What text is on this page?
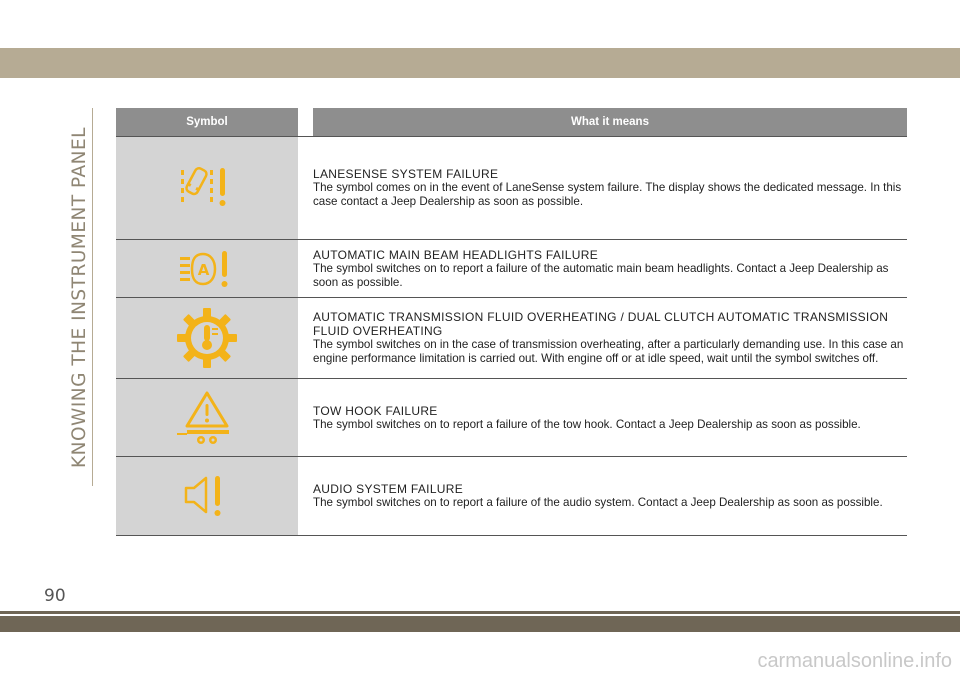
KNOWING THE INSTRUMENT PANEL
Symbol	What it means
LANESENSE SYSTEM FAILURE
The symbol comes on in the event of LaneSense system failure. The display shows the dedicated message. In this case contact a Jeep Dealership as soon as possible.
A
AUTOMATIC MAIN BEAM HEADLIGHTS FAILURE
The symbol switches on to report a failure of the automatic main beam headlights. Contact a Jeep Dealership as soon as possible.
AUTOMATIC TRANSMISSION FLUID OVERHEATING / DUAL CLUTCH AUTOMATIC TRANSMISSION FLUID OVERHEATING
The symbol switches on in the case of transmission overheating, after a particularly demanding use. In this case an engine performance limitation is carried out. With engine off or at idle speed, wait until the symbol switches off.
TOW HOOK FAILURE
The symbol switches on to report a failure of the tow hook. Contact a Jeep Dealership as soon as possible.
AUDIO SYSTEM FAILURE
The symbol switches on to report a failure of the audio system. Contact a Jeep Dealership as soon as possible.
90
carmanualsonline.info
